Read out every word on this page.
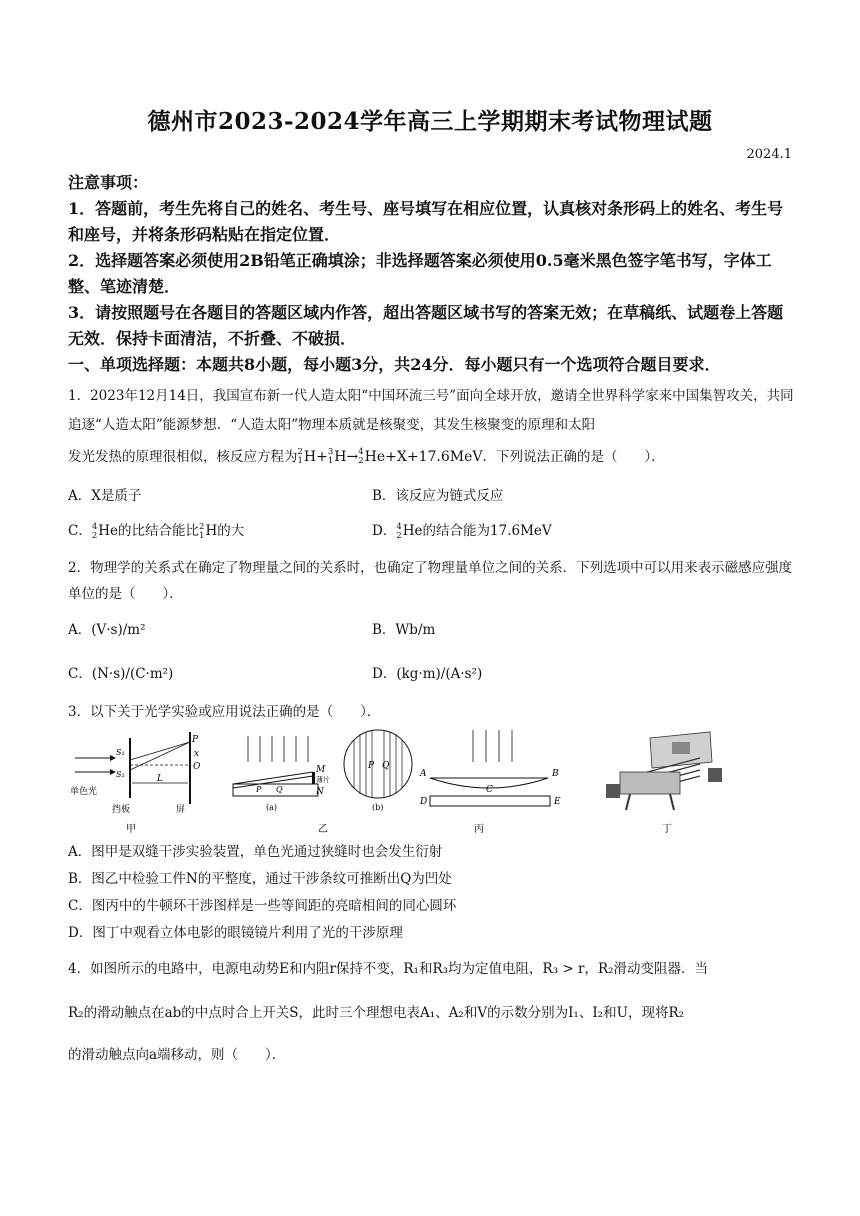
德州市2023-2024学年高三上学期期末考试物理试题
2024.1
注意事项：
1．答题前，考生先将自己的姓名、考生号、座号填写在相应位置，认真核对条形码上的姓名、考生号和座号，并将条形码粘贴在指定位置．
2．选择题答案必须使用2B铅笔正确填涂；非选择题答案必须使用0.5毫米黑色签字笔书写，字体工整、笔迹清楚．
3．请按照题号在各题目的答题区域内作答，超出答题区域书写的答案无效；在草稿纸、试题卷上答题无效．保持卡面清洁，不折叠、不破损．
一、单项选择题：本题共8小题，每小题3分，共24分．每小题只有一个选项符合题目要求．
1．2023年12月14日，我国宣布新一代人造太阳“中国环流三号”面向全球开放，邀请全世界科学家来中国集智攻关，共同追逐“人造太阳”能源梦想．“人造太阳”物理本质就是核聚变，其发生核聚变的原理和太阳
发光发热的原理很相似，核反应方程为2
1H+3
1H→4
2He+X+17.6MeV．下列说法正确的是（　　）．
A．X是质子	B．该反应为链式反应
C．4
2He的比结合能比2
1H的大	D．4
2He的结合能为17.6MeV
2．物理学的关系式在确定了物理量之间的关系时，也确定了物理量单位之间的关系．下列选项中可以用来表示磁感应强度单位的是（　　）．
A．(V·s)/m²	B．Wb/m
C．(N·s)/(C·m²)	D．(kg·m)/(A·s²)
3．以下关于光学实验或应用说法正确的是（　　）．
P
x
O
S₁
S₂	L
单色光
挡板	屏
甲
M
薄片
N
P Q
(a)
P Q
(b)
乙
A	B
C
D	E
丙	丁
A．图甲是双缝干涉实验装置，单色光通过狭缝时也会发生衍射
B．图乙中检验工件N的平整度，通过干涉条纹可推断出Q为凹处
C．图丙中的牛顿环干涉图样是一些等间距的亮暗相间的同心圆环
D．图丁中观看立体电影的眼镜镜片利用了光的干涉原理
4．如图所示的电路中，电源电动势E和内阻r保持不变，R₁和R₃均为定值电阻，R₃ > r，R₂滑动变阻器．当
R₂的滑动触点在ab的中点时合上开关S，此时三个理想电表A₁、A₂和V的示数分别为I₁、I₂和U，现将R₂
的滑动触点向a端移动，则（　　）．
